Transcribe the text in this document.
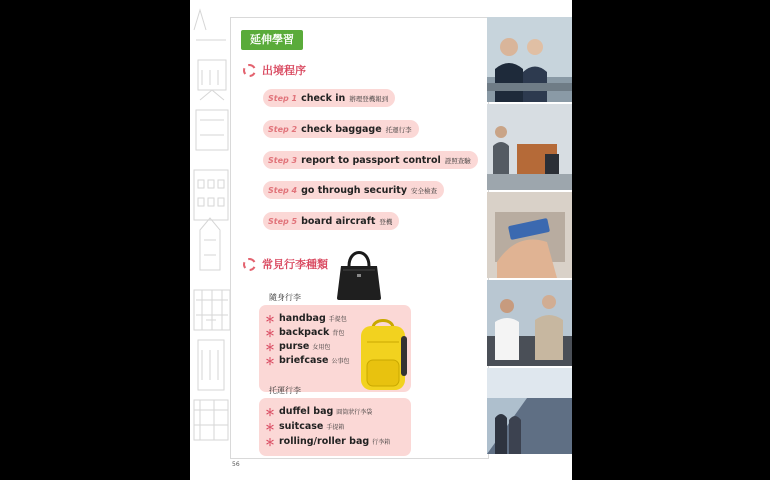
延伸學習
出境程序
Step 1 check in 辦理登機報到
Step 2 check baggage 托運行李
Step 3 report to passport control 證照查驗
Step 4 go through security 安全檢查
Step 5 board aircraft 登機
常見行李種類
隨身行李
＊ handbag 手提包
＊ backpack 背包
＊ purse 女用包
＊ briefcase 公事包
托運行李
＊ duffel bag 圓筒狀行李袋
＊ suitcase 手提箱
＊ rolling/roller bag 行李箱
56
